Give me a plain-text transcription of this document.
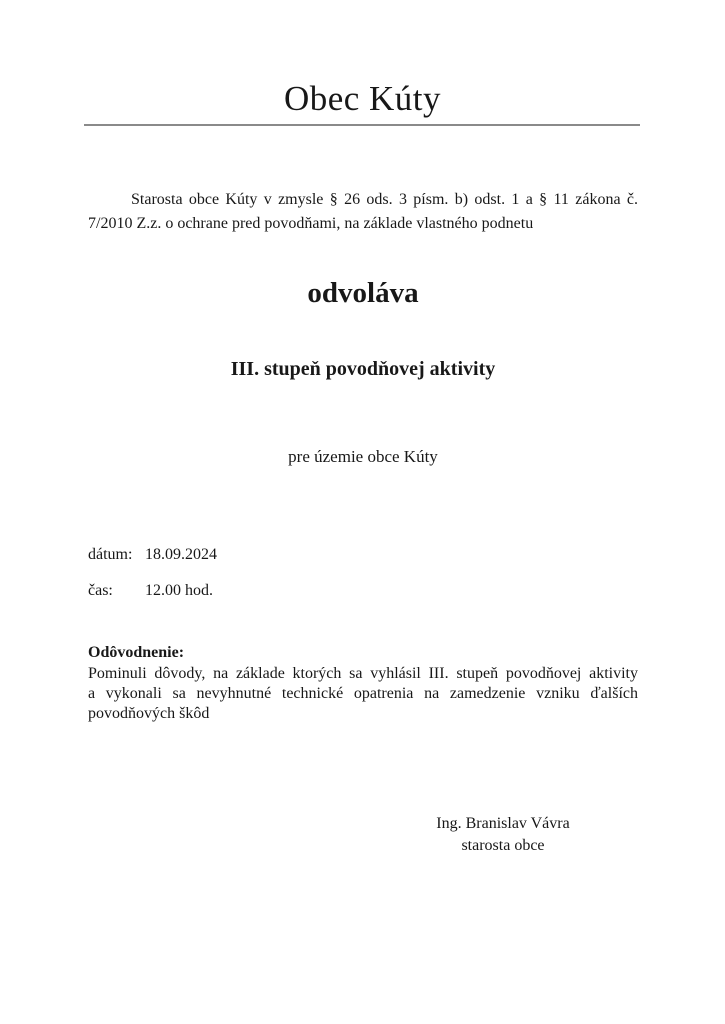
Obec Kúty

Starosta obce Kúty v zmysle § 26 ods. 3 písm. b) odst. 1 a § 11 zákona č.
7/2010 Z.z. o ochrane pred povodňami, na základe vlastného podnetu

odvoláva
III. stupeň povodňovej aktivity

pre územie obce Kúty

dátum: 18.09.2024
čas:	12.00 hod.
Odôvodnenie:

Pominuli dôvody, na základe ktorých sa vyhlásil III. stupeň povodňovej aktivity
a vykonali sa nevyhnutné technické opatrenia na zamedzenie vzniku ďalších
povodňových škôd

Ing. Branislav Vávra
starosta obce
